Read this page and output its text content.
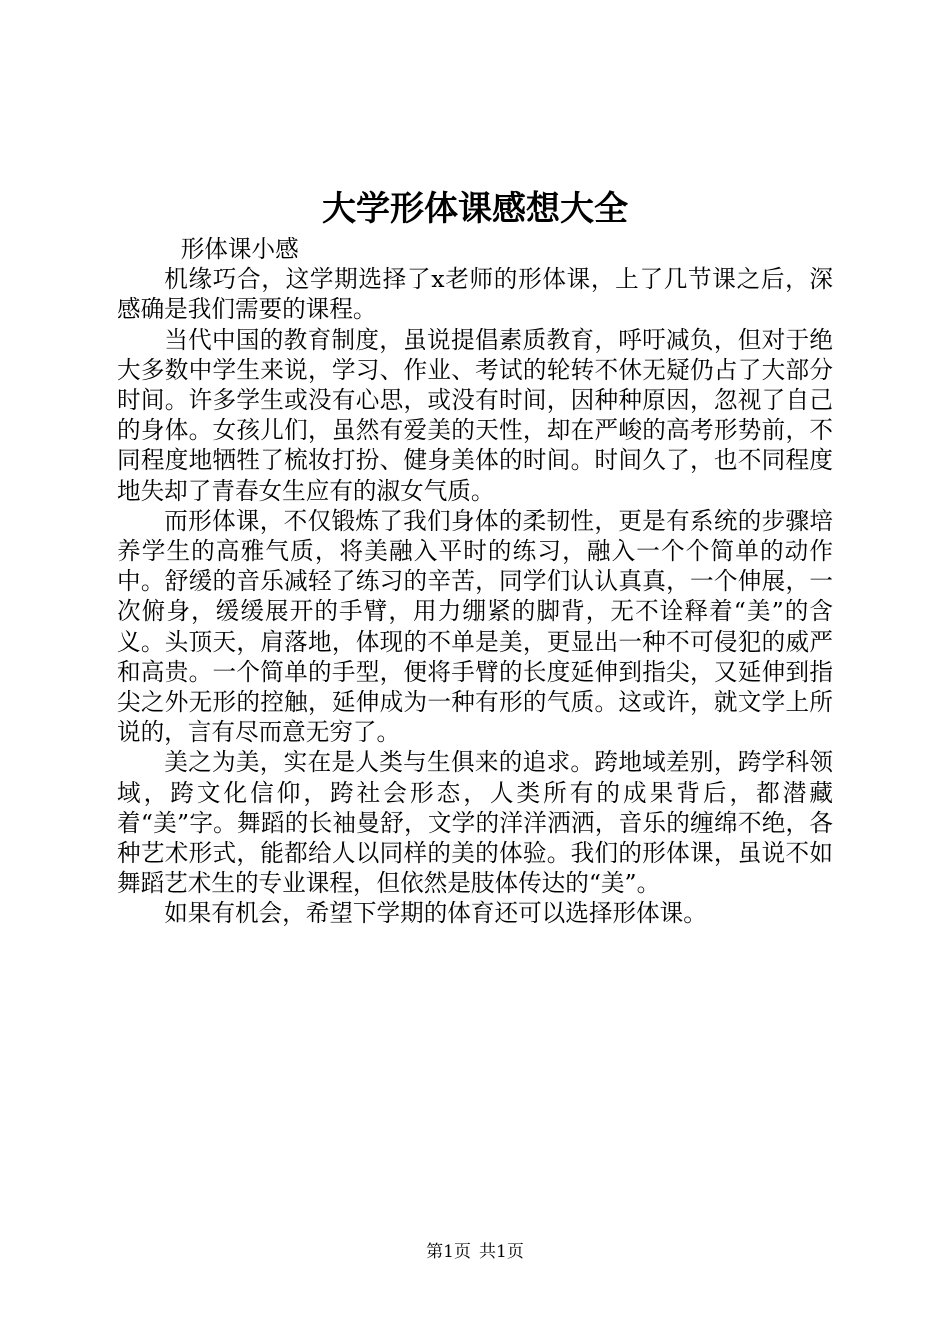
大学形体课感想大全

形体课小感

机缘巧合，这学期选择了x老师的形体课，上了几节课之后，深感确是我们需要的课程。

当代中国的教育制度，虽说提倡素质教育，呼吁减负，但对于绝大多数中学生来说，学习、作业、考试的轮转不休无疑仍占了大部分时间。许多学生或没有心思，或没有时间，因种种原因，忽视了自己的身体。女孩儿们，虽然有爱美的天性，却在严峻的高考形势前，不同程度地牺牲了梳妆打扮、健身美体的时间。时间久了，也不同程度地失却了青春女生应有的淑女气质。

而形体课，不仅锻炼了我们身体的柔韧性，更是有系统的步骤培养学生的高雅气质，将美融入平时的练习，融入一个个简单的动作中。舒缓的音乐减轻了练习的辛苦，同学们认认真真，一个伸展，一次俯身，缓缓展开的手臂，用力绷紧的脚背，无不诠释着“美”的含义。头顶天，肩落地，体现的不单是美，更显出一种不可侵犯的威严和高贵。一个简单的手型，便将手臂的长度延伸到指尖，又延伸到指尖之外无形的控触，延伸成为一种有形的气质。这或许，就文学上所说的，言有尽而意无穷了。

美之为美，实在是人类与生俱来的追求。跨地域差别，跨学科领域，跨文化信仰，跨社会形态，人类所有的成果背后，都潜藏着“美”字。舞蹈的长袖曼舒，文学的洋洋洒洒，音乐的缠绵不绝，各种艺术形式，能都给人以同样的美的体验。我们的形体课，虽说不如舞蹈艺术生的专业课程，但依然是肢体传达的“美”。

如果有机会，希望下学期的体育还可以选择形体课。

第1页 共1页
